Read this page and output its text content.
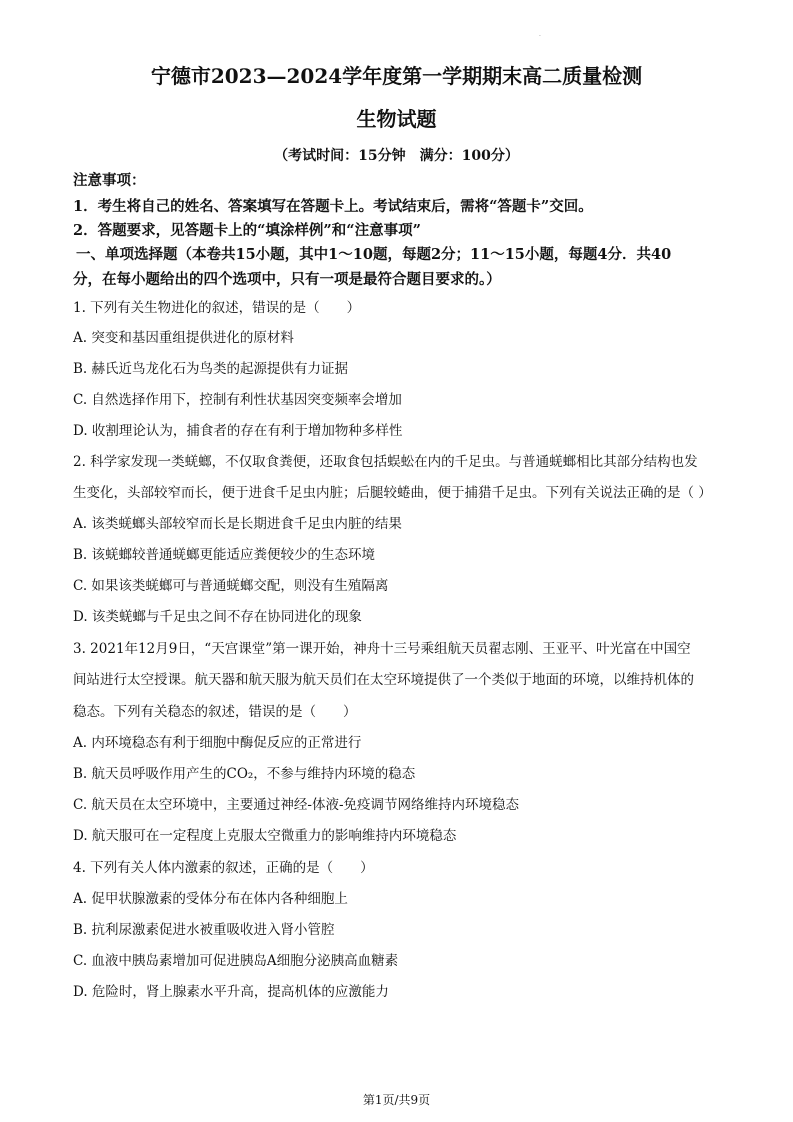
·
宁德市2023—2024学年度第一学期期末高二质量检测
生物试题
（考试时间：15分钟　满分：100分）
注意事项：
1．考生将自己的姓名、答案填写在答题卡上。考试结束后，需将“答题卡”交回。
2．答题要求，见答题卡上的“填涂样例”和“注意事项”
一、单项选择题（本卷共15小题，其中1～10题，每题2分；11～15小题，每题4分．共40
分，在每小题给出的四个选项中，只有一项是最符合题目要求的。）
1. 下列有关生物进化的叙述，错误的是（　　）
A. 突变和基因重组提供进化的原材料
B. 赫氏近鸟龙化石为鸟类的起源提供有力证据
C. 自然选择作用下，控制有利性状基因突变频率会增加
D. 收割理论认为，捕食者的存在有利于增加物种多样性
2. 科学家发现一类蜣螂，不仅取食粪便，还取食包括蜈蚣在内的千足虫。与普通蜣螂相比其部分结构也发
生变化，头部较窄而长，便于进食千足虫内脏；后腿较蜷曲，便于捕猎千足虫。下列有关说法正确的是（ ）
A. 该类蜣螂头部较窄而长是长期进食千足虫内脏的结果
B. 该蜣螂较普通蜣螂更能适应粪便较少的生态环境
C. 如果该类蜣螂可与普通蜣螂交配，则没有生殖隔离
D. 该类蜣螂与千足虫之间不存在协同进化的现象
3. 2021年12月9日，“天宫课堂”第一课开始，神舟十三号乘组航天员翟志刚、王亚平、叶光富在中国空
间站进行太空授课。航天器和航天服为航天员们在太空环境提供了一个类似于地面的环境，以维持机体的
稳态。下列有关稳态的叙述，错误的是（　　）
A. 内环境稳态有利于细胞中酶促反应的正常进行
B. 航天员呼吸作用产生的CO₂，不参与维持内环境的稳态
C. 航天员在太空环境中，主要通过神经-体液-免疫调节网络维持内环境稳态
D. 航天服可在一定程度上克服太空微重力的影响维持内环境稳态
4. 下列有关人体内激素的叙述，正确的是（　　）
A. 促甲状腺激素的受体分布在体内各种细胞上
B. 抗利尿激素促进水被重吸收进入肾小管腔
C. 血液中胰岛素增加可促进胰岛A细胞分泌胰高血糖素
D. 危险时，肾上腺素水平升高，提高机体的应激能力
第1页/共9页
